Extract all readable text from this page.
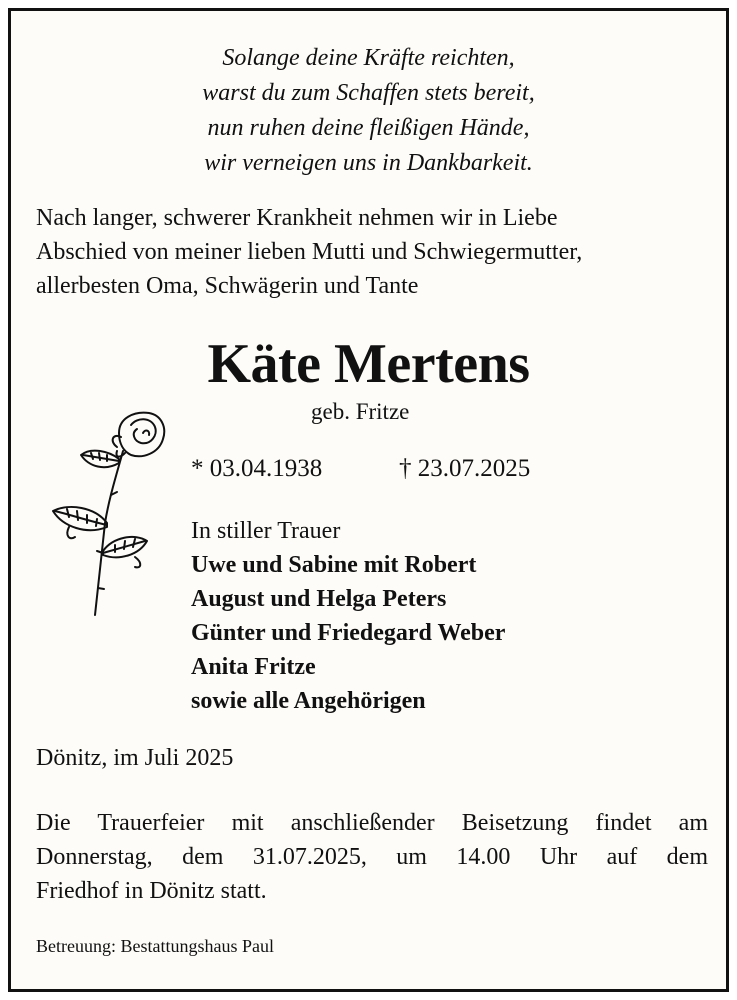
Solange deine Kräfte reichten,
warst du zum Schaffen stets bereit,
nun ruhen deine fleißigen Hände,
wir verneigen uns in Dankbarkeit.
Nach langer, schwerer Krankheit nehmen wir in Liebe
Abschied von meiner lieben Mutti und Schwiegermutter,
allerbesten Oma, Schwägerin und Tante
Käte Mertens
geb. Fritze
* 03.04.1938	† 23.07.2025
In stiller Trauer
Uwe und Sabine mit Robert
August und Helga Peters
Günter und Friedegard Weber
Anita Fritze
sowie alle Angehörigen
Dönitz, im Juli 2025
Die Trauerfeier mit anschließender Beisetzung findet am
Donnerstag, dem 31.07.2025, um 14.00 Uhr auf dem
Friedhof in Dönitz statt.
Betreuung: Bestattungshaus Paul
